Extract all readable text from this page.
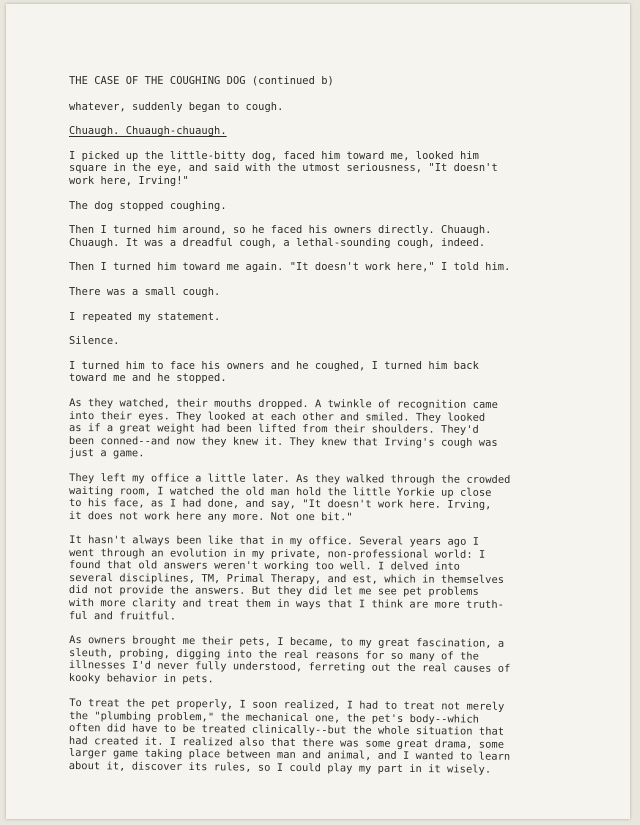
THE CASE OF THE COUGHING DOG (continued b)

whatever, suddenly began to cough.

Chuaugh. Chuaugh-chuaugh.

I picked up the little-bitty dog, faced him toward me, looked him
square in the eye, and said with the utmost seriousness, "It doesn't
work here, Irving!"

The dog stopped coughing.

Then I turned him around, so he faced his owners directly. Chuaugh.
Chuaugh. It was a dreadful cough, a lethal-sounding cough, indeed.

Then I turned him toward me again. "It doesn't work here," I told him.

There was a small cough.

I repeated my statement.

Silence.

I turned him to face his owners and he coughed, I turned him back
toward me and he stopped.

As they watched, their mouths dropped. A twinkle of recognition came
into their eyes. They looked at each other and smiled. They looked
as if a great weight had been lifted from their shoulders. They'd
been conned--and now they knew it. They knew that Irving's cough was
just a game.

They left my office a little later. As they walked through the crowded
waiting room, I watched the old man hold the little Yorkie up close
to his face, as I had done, and say, "It doesn't work here. Irving,
it does not work here any more. Not one bit."

It hasn't always been like that in my office. Several years ago I
went through an evolution in my private, non-professional world: I
found that old answers weren't working too well. I delved into
several disciplines, TM, Primal Therapy, and est, which in themselves
did not provide the answers. But they did let me see pet problems
with more clarity and treat them in ways that I think are more truth-
ful and fruitful.

As owners brought me their pets, I became, to my great fascination, a
sleuth, probing, digging into the real reasons for so many of the
illnesses I'd never fully understood, ferreting out the real causes of
kooky behavior in pets.

To treat the pet properly, I soon realized, I had to treat not merely
the "plumbing problem," the mechanical one, the pet's body--which
often did have to be treated clinically--but the whole situation that
had created it. I realized also that there was some great drama, some
larger game taking place between man and animal, and I wanted to learn
about it, discover its rules, so I could play my part in it wisely.
